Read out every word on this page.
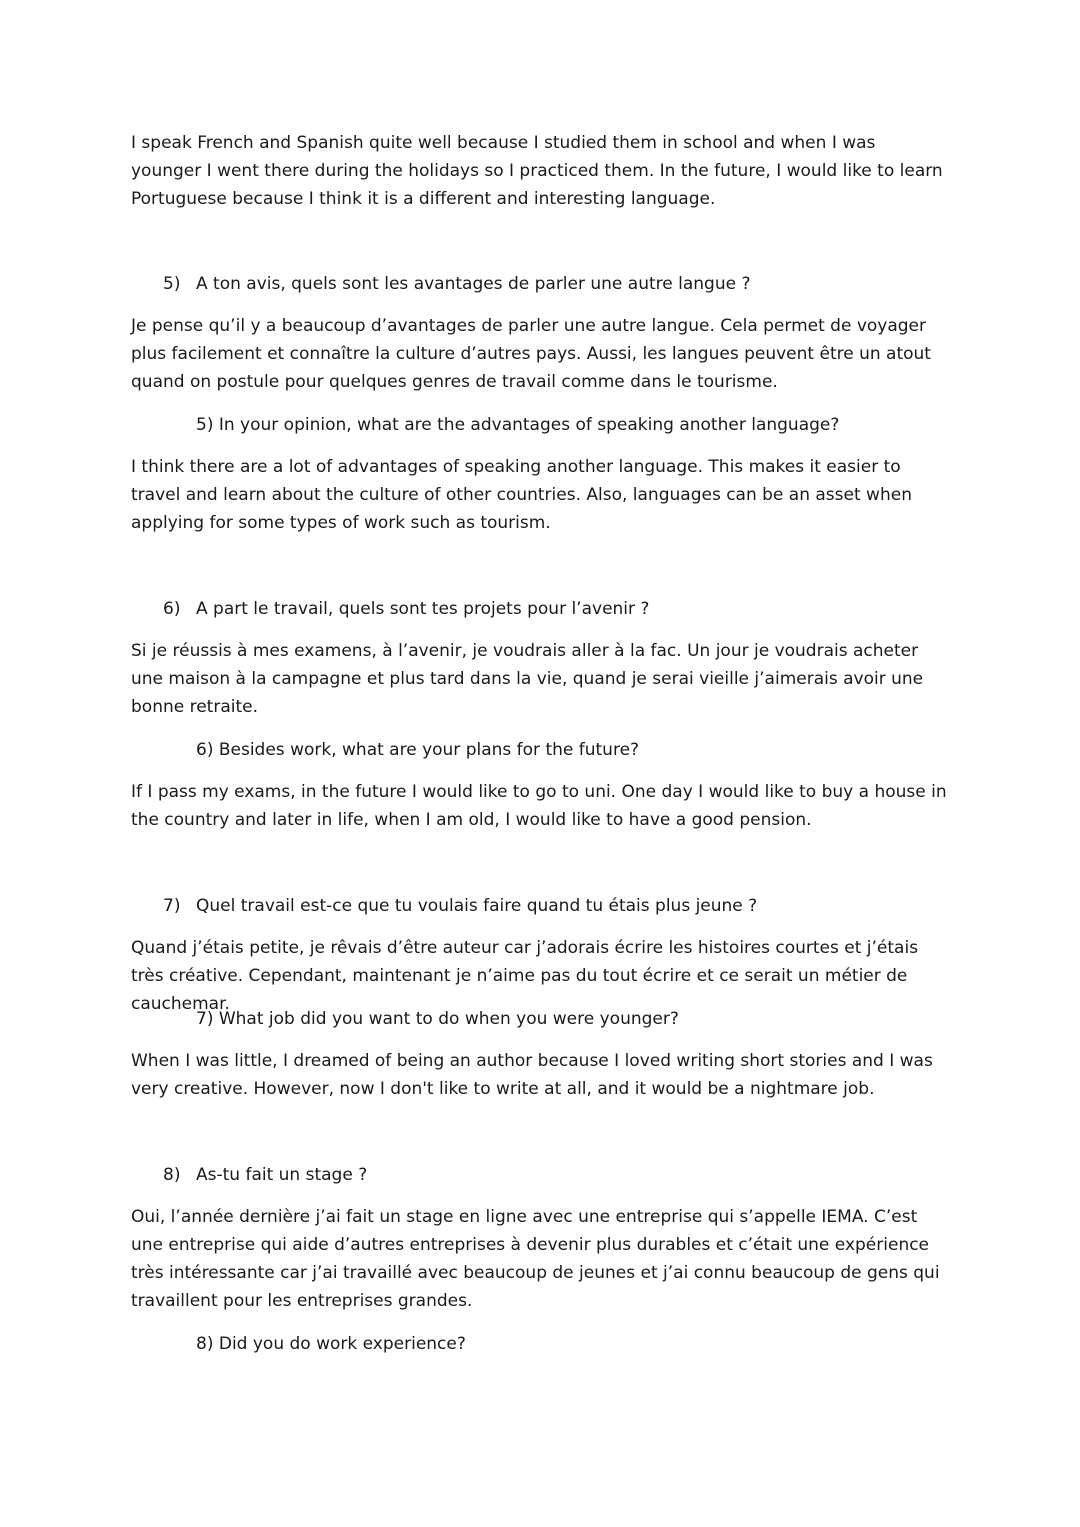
I speak French and Spanish quite well because I studied them in school and when I was younger I went there during the holidays so I practiced them. In the future, I would like to learn Portuguese because I think it is a different and interesting language.

5) A ton avis, quels sont les avantages de parler une autre langue ?

Je pense qu’il y a beaucoup d’avantages de parler une autre langue. Cela permet de voyager plus facilement et connaître la culture d’autres pays. Aussi, les langues peuvent être un atout quand on postule pour quelques genres de travail comme dans le tourisme.

5) In your opinion, what are the advantages of speaking another language?

I think there are a lot of advantages of speaking another language. This makes it easier to travel and learn about the culture of other countries. Also, languages can be an asset when applying for some types of work such as tourism.

6) A part le travail, quels sont tes projets pour l’avenir ?

Si je réussis à mes examens, à l’avenir, je voudrais aller à la fac. Un jour je voudrais acheter une maison à la campagne et plus tard dans la vie, quand je serai vieille j’aimerais avoir une bonne retraite.

6) Besides work, what are your plans for the future?

If I pass my exams, in the future I would like to go to uni. One day I would like to buy a house in the country and later in life, when I am old, I would like to have a good pension.

7) Quel travail est-ce que tu voulais faire quand tu étais plus jeune ?

Quand j’étais petite, je rêvais d’être auteur car j’adorais écrire les histoires courtes et j’étais très créative. Cependant, maintenant je n’aime pas du tout écrire et ce serait un métier de cauchemar.

7) What job did you want to do when you were younger?

When I was little, I dreamed of being an author because I loved writing short stories and I was very creative. However, now I don't like to write at all, and it would be a nightmare job.

8) As-tu fait un stage ?

Oui, l’année dernière j’ai fait un stage en ligne avec une entreprise qui s’appelle IEMA. C’est une entreprise qui aide d’autres entreprises à devenir plus durables et c’était une expérience très intéressante car j’ai travaillé avec beaucoup de jeunes et j’ai connu beaucoup de gens qui travaillent pour les entreprises grandes.

8) Did you do work experience?
